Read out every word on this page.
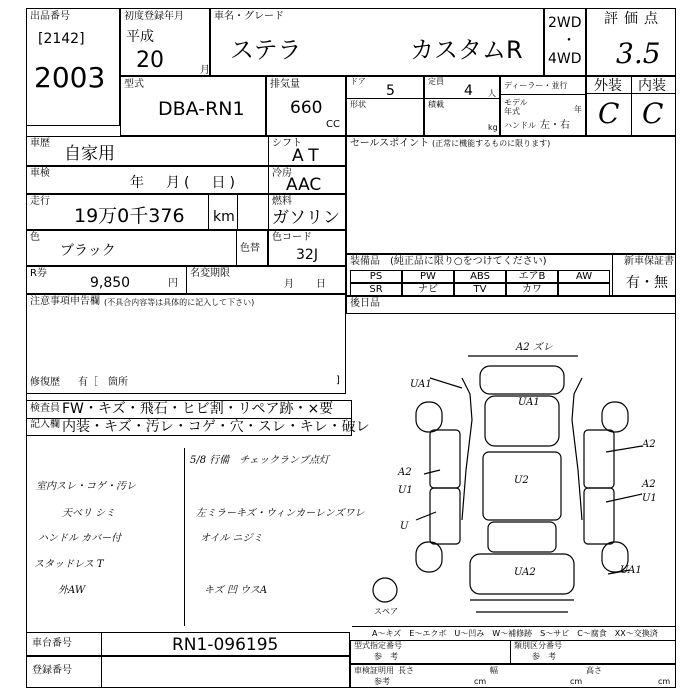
PS	PW	ABS	エアB	AW
SR	ナビ	TV	カワ
出品番号
[2142]
2003
初度登録年月
平成
20	月
車名・グレード
ステラ	カスタムR
2WD
・
4WD
評価点
3.5
型式
DBA-RN1
排気量
660
CC
ドア
5
形状
定員
4 人
積載
kg
ディーラー・並行
モデル年式	年
ハンドル 左・右
外装 内装
C C
車歴
自家用
シフト
AT
車検
年　月(　日)
冷房
AAC
走行
19万0千376 km
燃料
ガソリン
色
ブラック	色替
色コード
32J
R券
9,850	円
名変期限
月　日
注意事項申告欄 (不具合内容等は具体的に記入して下さい)
修復歴 有［　箇所	]
セールスポイント (正常に機能するものに限ります)
装備品 (純正品に限り○をつけてください)	新車保証書
有・無
後日品
検査員
記入欄
FW ・キズ・飛石・ヒビ割・リペア跡・×要
内装 ・キズ・汚レ・コゲ・穴・スレ・キレ・破レ
5/8 行備　チェックランプ点灯
室内スレ・コゲ・汚レ
天ベリ シミ	左ミラーキズ・ウィンカーレンズワレ
ハンドル カバー付	オイル ニジミ
スタッドレス T
外AW	キズ 凹 ウスA
A2 ズレ
UA1
UA1
U2
A2
U1
U
UA2	UA1
A2
A2
U1
スペア
A～キズ　E～エクボ　U～凹み　W～補修跡　S～サビ　C～腐食　XX～交換済
車台番号	RN1-096195
登録番号
型式指定番号
参　考
類別区分番号
参　考
車検証明用
参考
長さ
cm
幅
cm
高さ
cm
